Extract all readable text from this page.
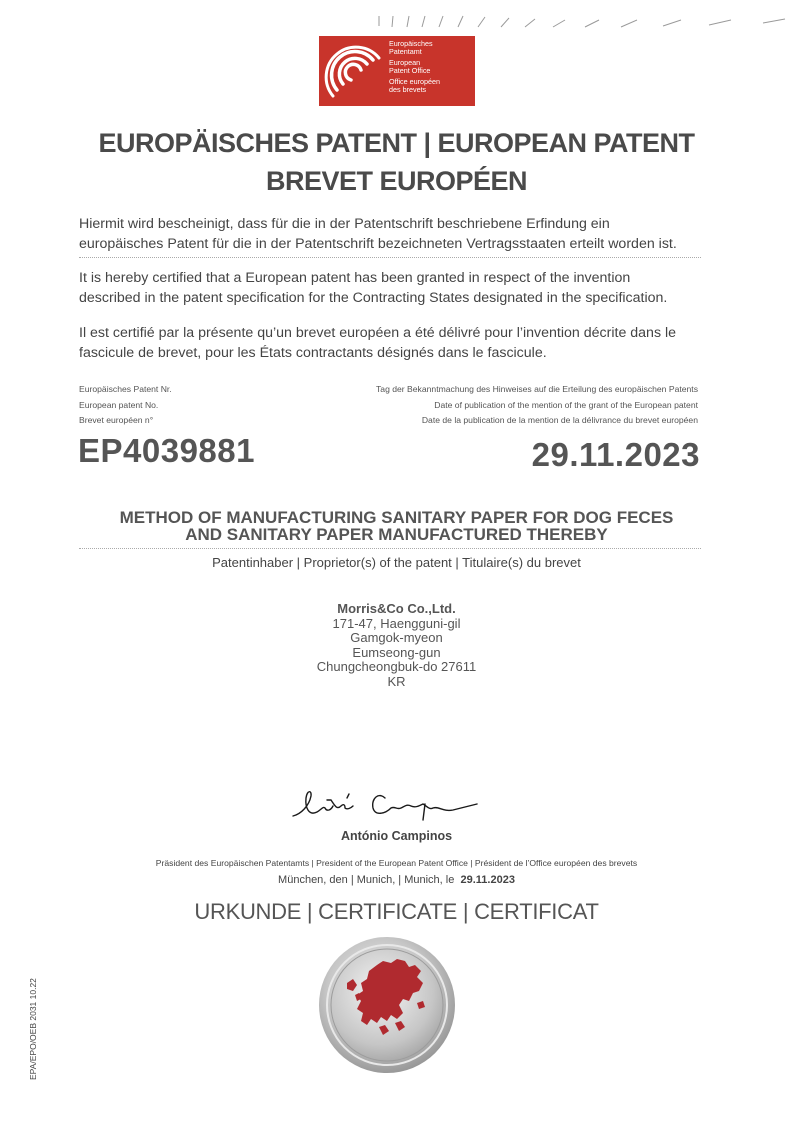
Europäisches
Patentamt
European
Patent Office
Office européen
des brevets
EUROPÄISCHES PATENT | EUROPEAN PATENT
BREVET EUROPÉEN
Hiermit wird bescheinigt, dass für die in der Patentschrift beschriebene Erfindung ein
europäisches Patent für die in der Patentschrift bezeichneten Vertragsstaaten erteilt worden ist.
It is hereby certified that a European patent has been granted in respect of the invention
described in the patent specification for the Contracting States designated in the specification.
Il est certifié par la présente qu’un brevet européen a été délivré pour l’invention décrite dans le
fascicule de brevet, pour les États contractants désignés dans le fascicule.
Europäisches Patent Nr.
European patent No.
Brevet européen n°
Tag der Bekanntmachung des Hinweises auf die Erteilung des europäischen Patents
Date of publication of the mention of the grant of the European patent
Date de la publication de la mention de la délivrance du brevet européen
EP4039881	29.11.2023
METHOD OF MANUFACTURING SANITARY PAPER FOR DOG FECES
AND SANITARY PAPER MANUFACTURED THEREBY
Patentinhaber | Proprietor(s) of the patent | Titulaire(s) du brevet
Morris&Co Co.,Ltd.
171-47, Haengguni-gil
Gamgok-myeon
Eumseong-gun
Chungcheongbuk-do 27611
KR
António Campinos
Präsident des Europäischen Patentamts | President of the European Patent Office | Président de l’Office européen des brevets
München, den | Munich, | Munich, le 29.11.2023
URKUNDE | CERTIFICATE | CERTIFICAT
EPA/EPO/OEB 2031 10.22
